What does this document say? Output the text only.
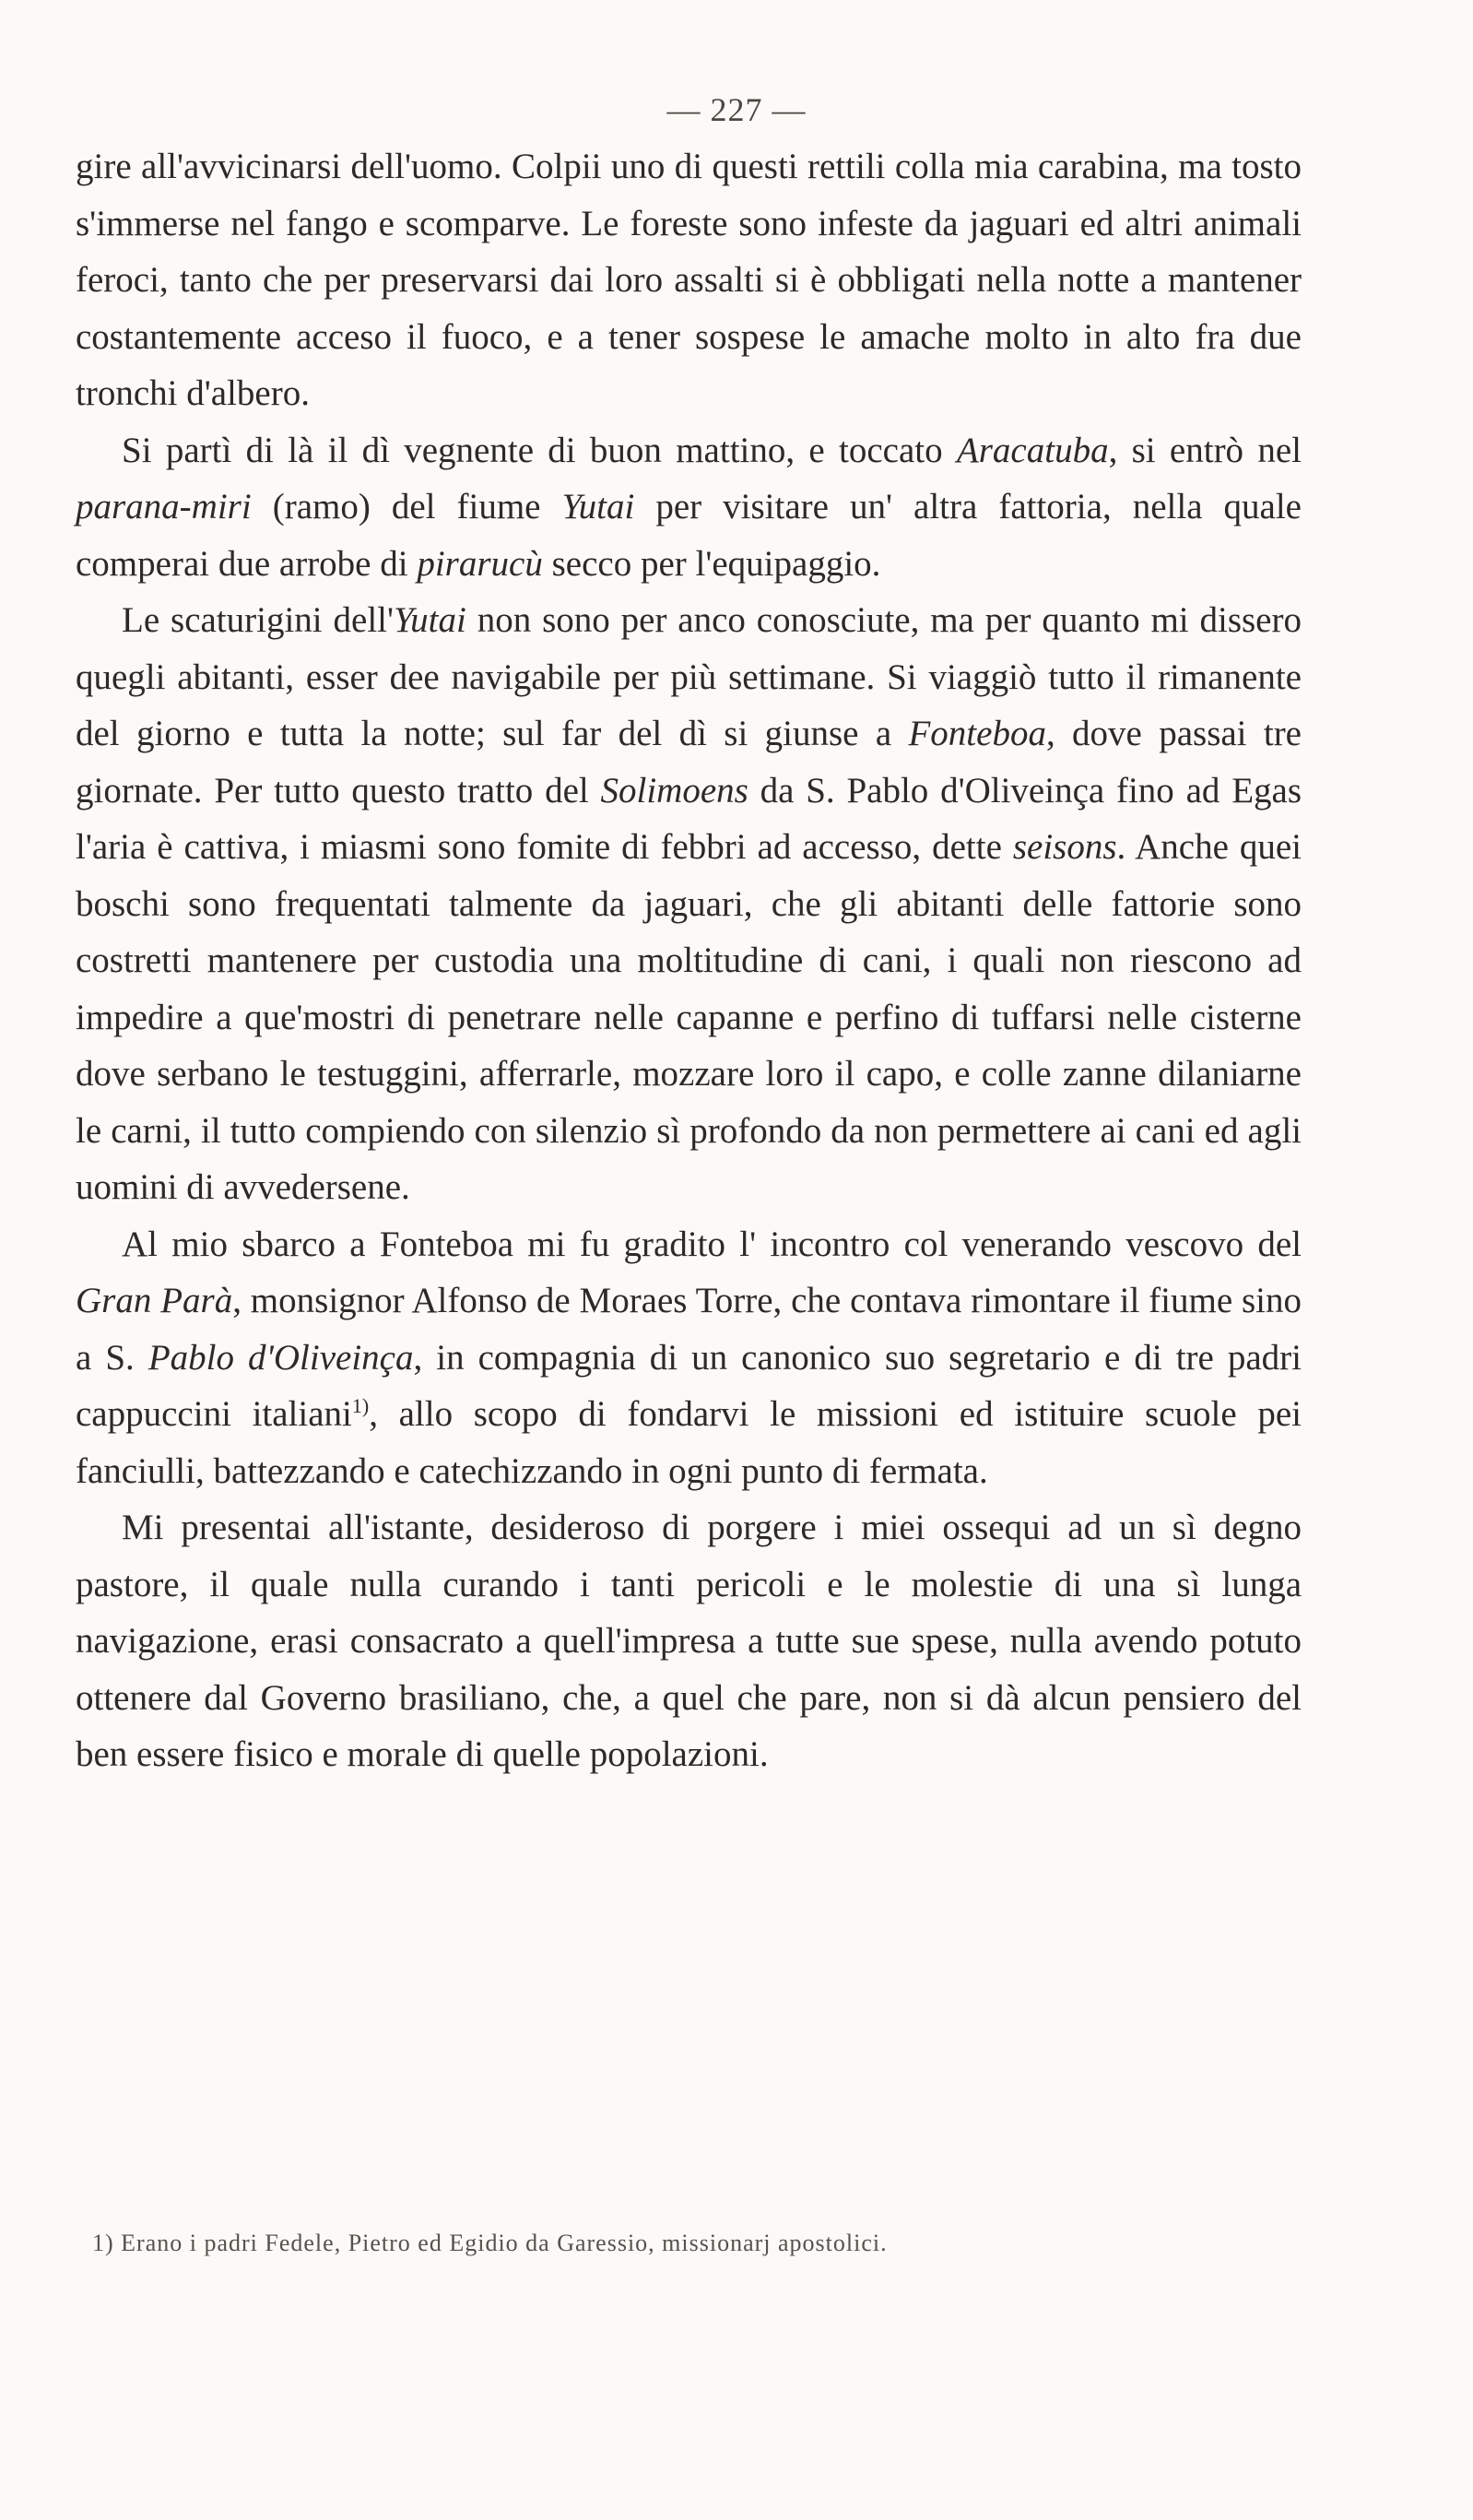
— 227 —

gire all'avvicinarsi dell'uomo. Colpii uno di questi rettili colla mia carabina, ma tosto s'immerse nel fango e scomparve. Le foreste sono infeste da jaguari ed altri animali feroci, tanto che per preservarsi dai loro assalti si è obbligati nella notte a mantener costantemente acceso il fuoco, e a tener sospese le amache molto in alto fra due tronchi d'albero.

Si partì di là il dì vegnente di buon mattino, e toccato Aracatuba, si entrò nel parana-miri (ramo) del fiume Yutai per visitare un' altra fattoria, nella quale comperai due arrobe di pirarucù secco per l'equipaggio.

Le scaturigini dell'Yutai non sono per anco conosciute, ma per quanto mi dissero quegli abitanti, esser dee navigabile per più settimane. Si viaggiò tutto il rimanente del giorno e tutta la notte; sul far del dì si giunse a Fonteboa, dove passai tre giornate. Per tutto questo tratto del Solimoens da S. Pablo d'Oliveinça fino ad Egas l'aria è cattiva, i miasmi sono fomite di febbri ad accesso, dette seisons. Anche quei boschi sono frequentati talmente da jaguari, che gli abitanti delle fattorie sono costretti mantenere per custodia una moltitudine di cani, i quali non riescono ad impedire a que'mostri di penetrare nelle capanne e perfino di tuffarsi nelle cisterne dove serbano le testuggini, afferrarle, mozzare loro il capo, e colle zanne dilaniarne le carni, il tutto compiendo con silenzio sì profondo da non permettere ai cani ed agli uomini di avvedersene.

Al mio sbarco a Fonteboa mi fu gradito l' incontro col venerando vescovo del Gran Parà, monsignor Alfonso de Moraes Torre, che contava rimontare il fiume sino a S. Pablo d'Oliveinça, in compagnia di un canonico suo segretario e di tre padri cappuccini italiani$^{1)}$, allo scopo di fondarvi le missioni ed istituire scuole pei fanciulli, battezzando e catechizzando in ogni punto di fermata.

Mi presentai all'istante, desideroso di porgere i miei ossequi ad un sì degno pastore, il quale nulla curando i tanti pericoli e le molestie di una sì lunga navigazione, erasi consacrato a quell'impresa a tutte sue spese, nulla avendo potuto ottenere dal Governo brasiliano, che, a quel che pare, non si dà alcun pensiero del ben essere fisico e morale di quelle popolazioni.

1) Erano i padri Fedele, Pietro ed Egidio da Garessio, missionarj apostolici.
